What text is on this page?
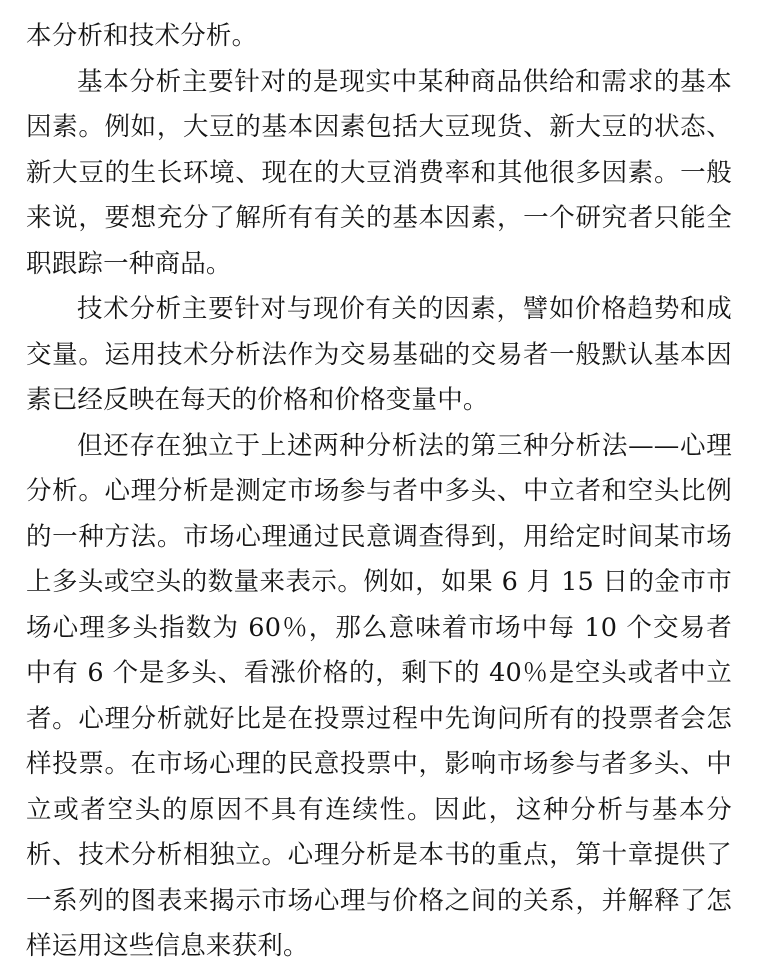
本分析和技术分析。

基本分析主要针对的是现实中某种商品供给和需求的基本因素。例如，大豆的基本因素包括大豆现货、新大豆的状态、新大豆的生长环境、现在的大豆消费率和其他很多因素。一般来说，要想充分了解所有有关的基本因素，一个研究者只能全职跟踪一种商品。

技术分析主要针对与现价有关的因素，譬如价格趋势和成交量。运用技术分析法作为交易基础的交易者一般默认基本因素已经反映在每天的价格和价格变量中。

但还存在独立于上述两种分析法的第三种分析法——心理分析。心理分析是测定市场参与者中多头、中立者和空头比例的一种方法。市场心理通过民意调查得到，用给定时间某市场上多头或空头的数量来表示。例如，如果 6 月 15 日的金市市场心理多头指数为 60％，那么意味着市场中每 10 个交易者中有 6 个是多头、看涨价格的，剩下的 40％是空头或者中立者。心理分析就好比是在投票过程中先询问所有的投票者会怎样投票。在市场心理的民意投票中，影响市场参与者多头、中立或者空头的原因不具有连续性。因此，这种分析与基本分析、技术分析相独立。心理分析是本书的重点，第十章提供了一系列的图表来揭示市场心理与价格之间的关系，并解释了怎样运用这些信息来获利。
